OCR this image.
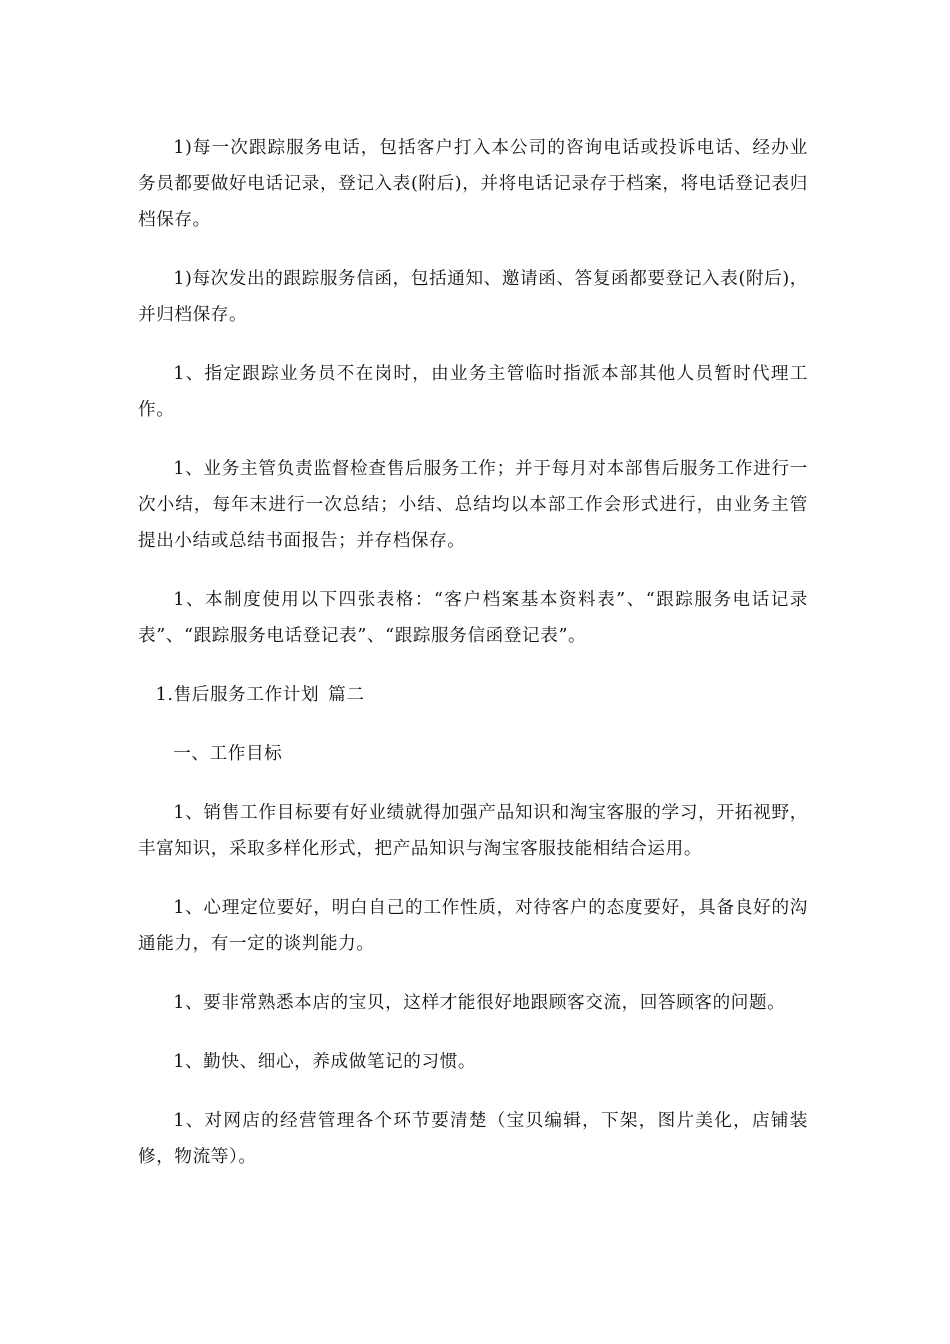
1)每一次跟踪服务电话，包括客户打入本公司的咨询电话或投诉电话、经办业务员都要做好电话记录，登记入表(附后)，并将电话记录存于档案，将电话登记表归档保存。

1)每次发出的跟踪服务信函，包括通知、邀请函、答复函都要登记入表(附后)，并归档保存。

1、指定跟踪业务员不在岗时，由业务主管临时指派本部其他人员暂时代理工作。

1、业务主管负责监督检查售后服务工作；并于每月对本部售后服务工作进行一次小结，每年末进行一次总结；小结、总结均以本部工作会形式进行，由业务主管提出小结或总结书面报告；并存档保存。

1、本制度使用以下四张表格：“客户档案基本资料表”、“跟踪服务电话记录表”、“跟踪服务电话登记表”、“跟踪服务信函登记表”。

1.售后服务工作计划 篇二

一、工作目标

1、销售工作目标要有好业绩就得加强产品知识和淘宝客服的学习，开拓视野，丰富知识，采取多样化形式，把产品知识与淘宝客服技能相结合运用。

1、心理定位要好，明白自己的工作性质，对待客户的态度要好，具备良好的沟通能力，有一定的谈判能力。

1、要非常熟悉本店的宝贝，这样才能很好地跟顾客交流，回答顾客的问题。

1、勤快、细心，养成做笔记的习惯。

1、对网店的经营管理各个环节要清楚（宝贝编辑，下架，图片美化，店铺装修，物流等）。
